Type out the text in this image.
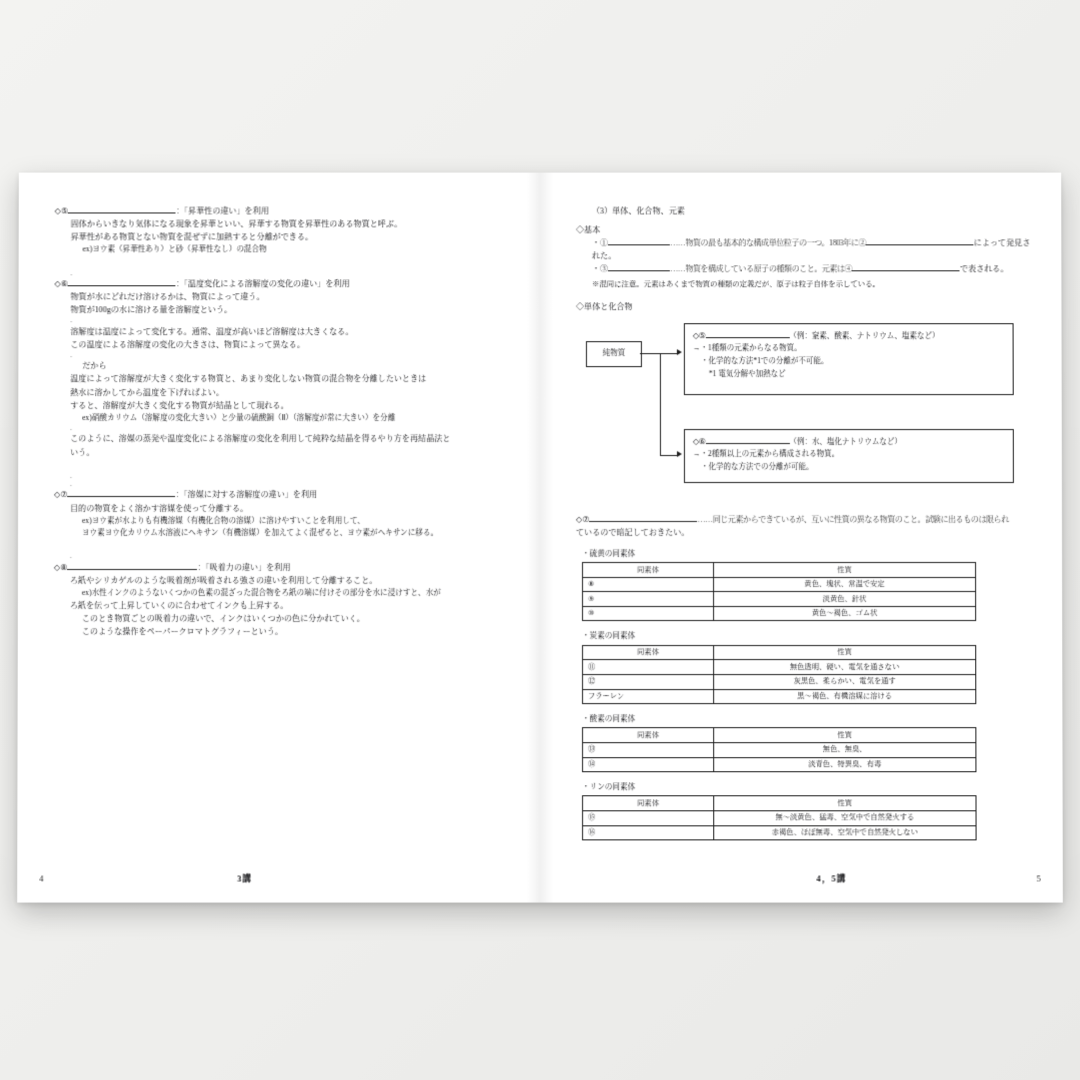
◇⑤	：「昇華性の違い」を利用
固体からいきなり気体になる現象を昇華といい、昇華する物質を昇華性のある物質と呼ぶ。
昇華性がある物質とない物質を混ぜずに加熱すると分離ができる。
ex)ヨウ素（昇華性あり）と砂（昇華性なし）の混合物
.
◇⑥	：「温度変化による溶解度の変化の違い」を利用
物質が水にどれだけ溶けるかは、物質によって違う。
物質が100gの水に溶ける量を溶解度という。
.
溶解度は温度によって変化する。通常、温度が高いほど溶解度は大きくなる。
この温度による溶解度の変化の大きさは、物質によって異なる。
.
だから
温度によって溶解度が大きく変化する物質と、あまり変化しない物質の混合物を分離したいときは
熱水に溶かしてから温度を下げればよい。
すると、溶解度が大きく変化する物質が結晶として現れる。
ex)硝酸カリウム（溶解度の変化大きい）と少量の硫酸銅（Ⅱ）（溶解度が常に大きい）を分離
.
このように、溶媒の蒸発や温度変化による溶解度の変化を利用して純粋な結晶を得るやり方を再結晶法と
いう。
.
.
◇⑦	：「溶媒に対する溶解度の違い」を利用
目的の物質をよく溶かす溶媒を使って分離する。
ex)ヨウ素が水よりも有機溶媒（有機化合物の溶媒）に溶けやすいことを利用して、
ヨウ素ヨウ化カリウム水溶液にヘキサン（有機溶媒）を加えてよく混ぜると、ヨウ素がヘキサンに移る。
.
◇⑧	：「吸着力の違い」を利用
ろ紙やシリカゲルのような吸着剤が吸着される強さの違いを利用して分離すること。
ex)水性インクのようないくつかの色素の混ざった混合物をろ紙の端に付けその部分を水に浸けすと、水が
ろ紙を伝って上昇していくのに合わせてインクも上昇する。
このとき物質ごとの吸着力の違いで、インクはいくつかの色に分かれていく。
このような操作をペーパークロマトグラフィーという。
4	3講
（3）単体、化合物、元素
◇基本
・①	……物質の最も基本的な構成単位粒子の一つ。1803年に②	によって発見された。
・③	……物質を構成している原子の種類のこと。元素は④	で表される。
※混同に注意。元素はあくまで物質の種類の定義だが、原子は粒子自体を示している。
◇単体と化合物
純物質
◇⑤	（例：窒素、酸素、ナトリウム、塩素など）
→・1種類の元素からなる物質。
・化学的な方法*1での分離が不可能。
*1 電気分解や加熱など
◇⑥	（例：水、塩化ナトリウムなど）
→・2種類以上の元素から構成される物質。
・化学的な方法での分離が可能。
◇⑦	……同じ元素からできているが、互いに性質の異なる物質のこと。試験に出るものは限られ
ているので暗記しておきたい。
・硫黄の同素体
同素体	性質
⑧	黄色、塊状、常温で安定
⑨	淡黄色、針状
⑩	黄色～褐色、ゴム状
・炭素の同素体
同素体	性質
⑪	無色透明、硬い、電気を通さない
⑫	灰黒色、柔らかい、電気を通す
フラーレン	黒～褐色、有機溶媒に溶ける
・酸素の同素体
同素体	性質
⑬	無色、無臭、
⑭	淡青色、特異臭、有毒
・リンの同素体
同素体	性質
⑮	無～淡黄色、猛毒、空気中で自然発火する
⑯	赤褐色、ほぼ無毒、空気中で自然発火しない
5
4，5講
